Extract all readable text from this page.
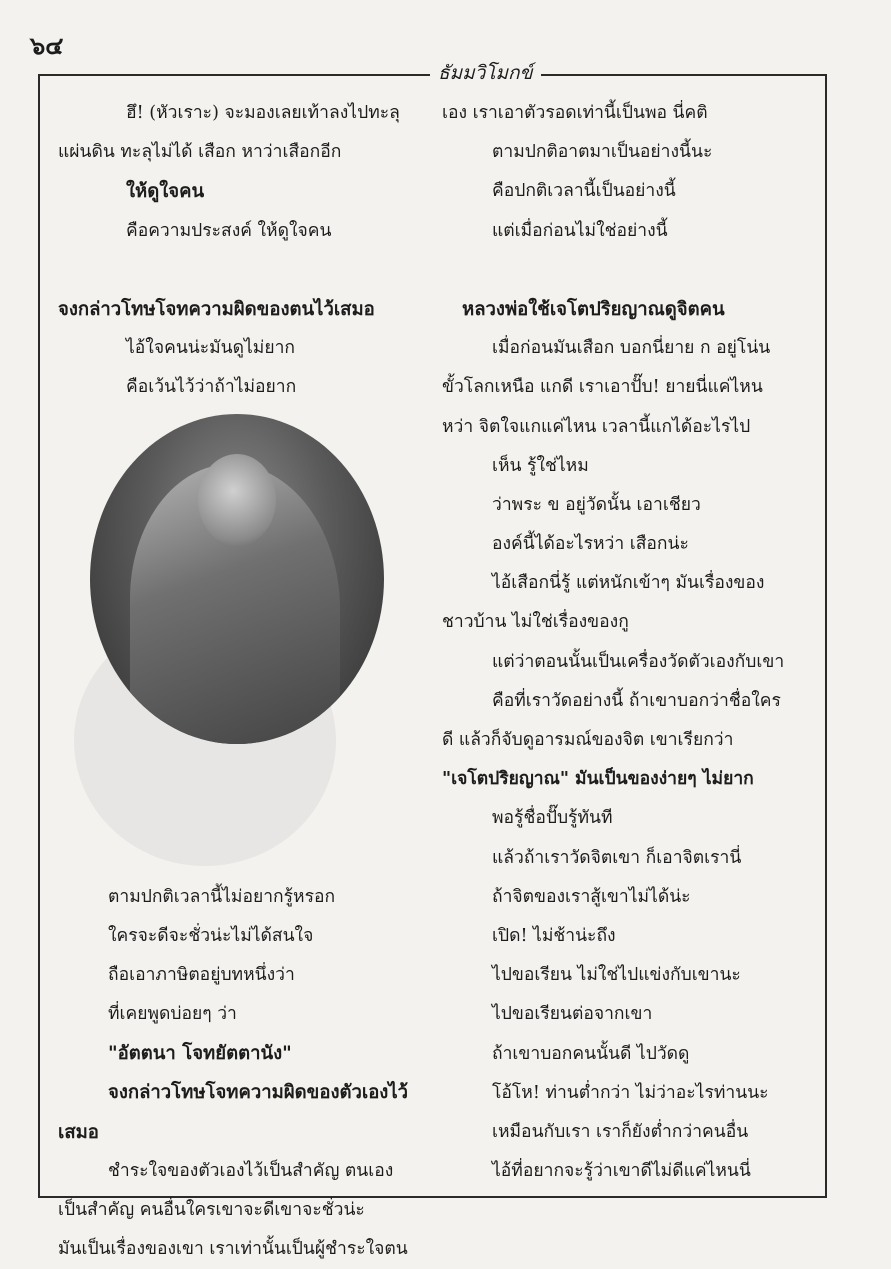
๖๔
ธัมมวิโมกข์
ฮึ! (หัวเราะ) จะมองเลยเท้าลงไปทะลุ
แผ่นดิน ทะลุไม่ได้ เสือก หาว่าเสือกอีก
ให้ดูใจคน
คือความประสงค์ ให้ดูใจคน
จงกล่าวโทษโจทความผิดของตนไว้เสมอ
ไอ้ใจคนน่ะมันดูไม่ยาก
คือเว้นไว้ว่าถ้าไม่อยาก
ตามปกติเวลานี้ไม่อยากรู้หรอก
ใครจะดีจะชั่วน่ะไม่ได้สนใจ
ถือเอาภาษิตอยู่บทหนึ่งว่า
ที่เคยพูดบ่อยๆ ว่า
"อัตตนา โจทยัตตานัง"
จงกล่าวโทษโจทความผิดของตัวเองไว้
เสมอ
ชำระใจของตัวเองไว้เป็นสำคัญ ตนเอง
เป็นสำคัญ คนอื่นใครเขาจะดีเขาจะชั่วน่ะ
มันเป็นเรื่องของเขา เราเท่านั้นเป็นผู้ชำระใจตน
เอง เราเอาตัวรอดเท่านี้เป็นพอ นี่คติ
ตามปกติอาตมาเป็นอย่างนี้นะ
คือปกติเวลานี้เป็นอย่างนี้
แต่เมื่อก่อนไม่ใช่อย่างนี้
หลวงพ่อใช้เจโตปริยญาณดูจิตคน
เมื่อก่อนมันเสือก บอกนี่ยาย ก อยู่โน่น
ขั้วโลกเหนือ แกดี เราเอาปั๊บ! ยายนี่แค่ไหน
หว่า จิตใจแกแค่ไหน เวลานี้แกได้อะไรไป
เห็น รู้ใช่ไหม
ว่าพระ ข อยู่วัดนั้น เอาเชียว
องค์นี้ได้อะไรหว่า เสือกน่ะ
ไอ้เสือกนี่รู้ แต่หนักเข้าๆ มันเรื่องของ
ชาวบ้าน ไม่ใช่เรื่องของกู
แต่ว่าตอนนั้นเป็นเครื่องวัดตัวเองกับเขา
คือที่เราวัดอย่างนี้ ถ้าเขาบอกว่าชื่อใคร
ดี แล้วก็จับดูอารมณ์ของจิต เขาเรียกว่า
"เจโตปริยญาณ" มันเป็นของง่ายๆ ไม่ยาก
พอรู้ชื่อปั๊บรู้ทันที
แล้วถ้าเราวัดจิตเขา ก็เอาจิตเรานี่
ถ้าจิตของเราสู้เขาไม่ได้น่ะ
เปิด! ไม่ช้าน่ะถึง
ไปขอเรียน ไม่ใช่ไปแข่งกับเขานะ
ไปขอเรียนต่อจากเขา
ถ้าเขาบอกคนนั้นดี ไปวัดดู
โอ้โห! ท่านต่ำกว่า ไม่ว่าอะไรท่านนะ
เหมือนกับเรา เราก็ยังต่ำกว่าคนอื่น
ไอ้ที่อยากจะรู้ว่าเขาดีไม่ดีแค่ไหนนี่
